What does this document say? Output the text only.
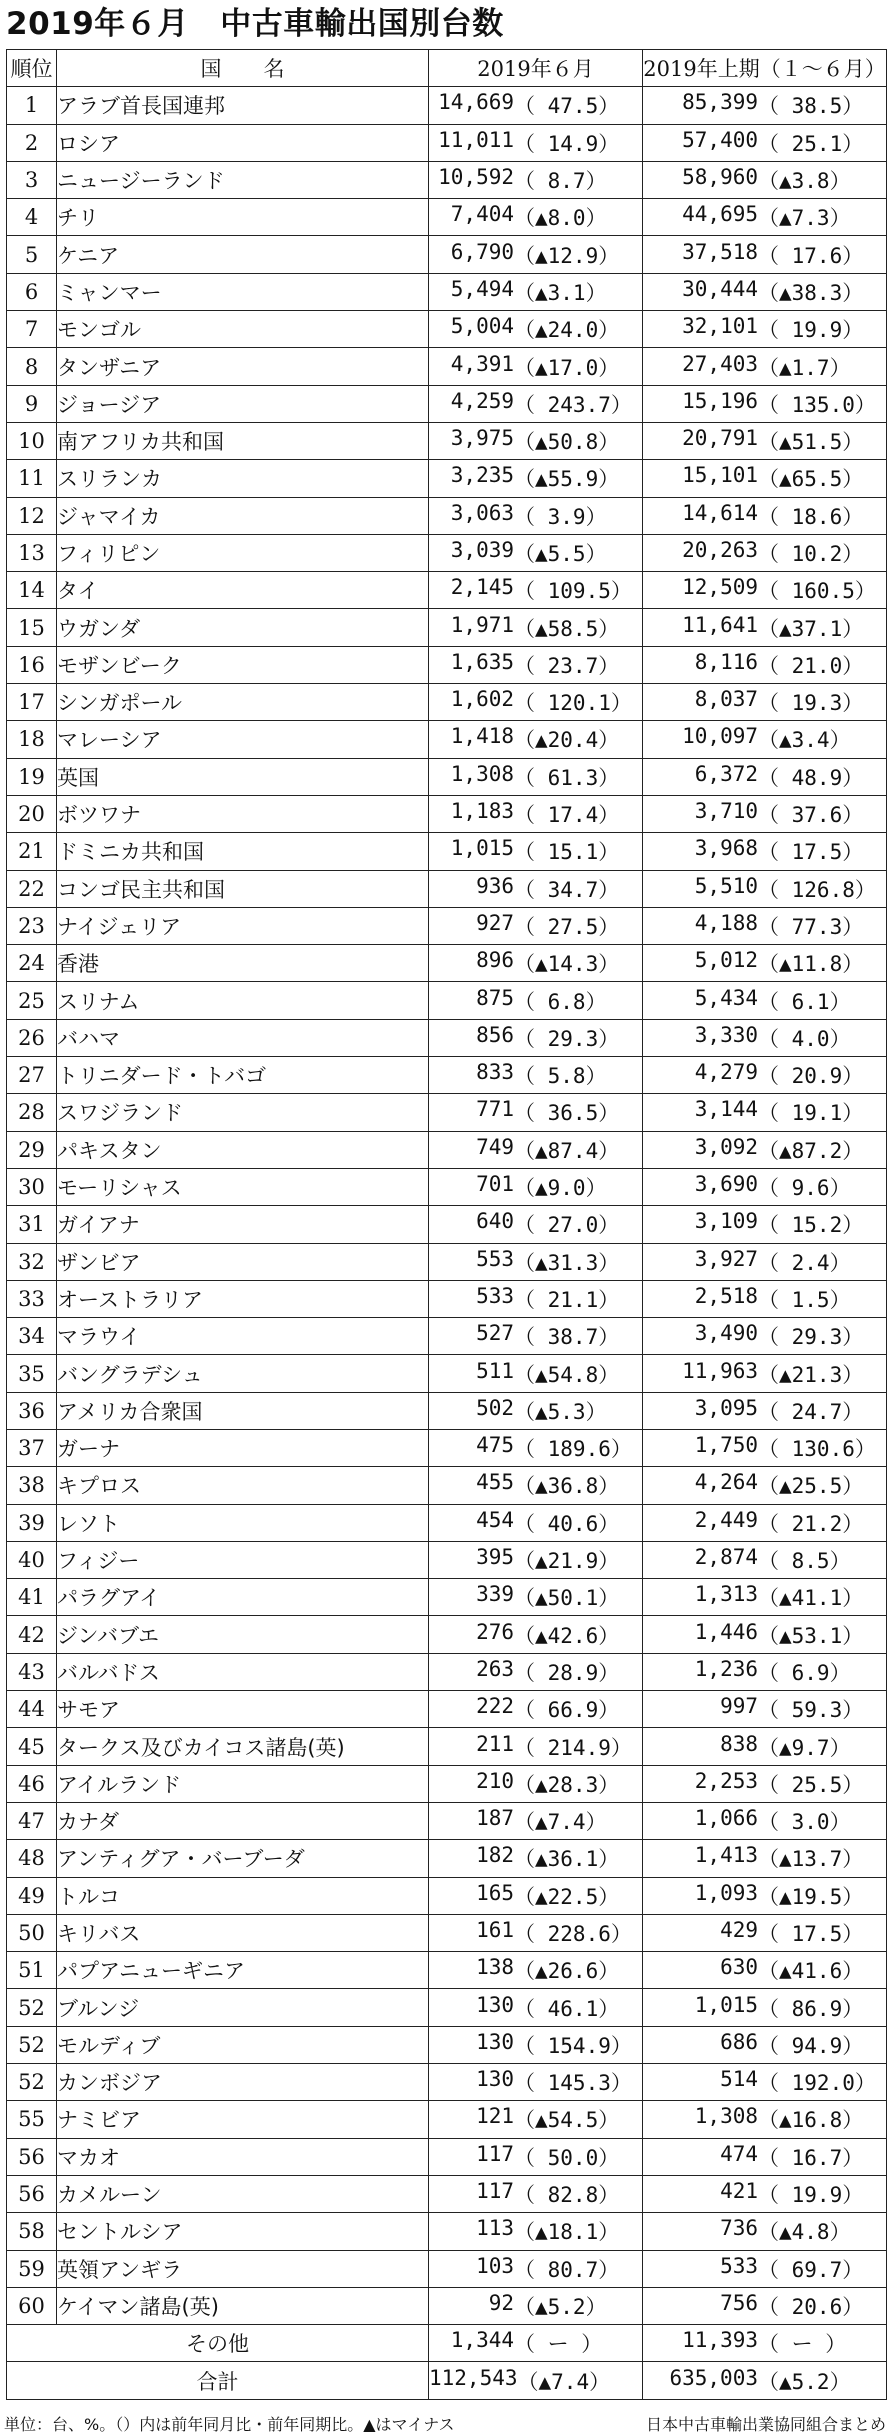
2019年６月　中古車輸出国別台数
順位	国　　名	2019年６月	2019年上期（１～６月）
1	アラブ首長国連邦	14,669 （ 47.5）	85,399 （ 38.5）

2	ロシア	11,011 （ 14.9）	57,400 （ 25.1）

3	ニュージーランド	10,592 （ 8.7）	58,960 （▲3.8）

4	チリ	7,404 （▲8.0）	44,695 （▲7.3）

5	ケニア	6,790 （▲12.9）	37,518 （ 17.6）

6	ミャンマー	5,494 （▲3.1）	30,444 （▲38.3）

7	モンゴル	5,004 （▲24.0）	32,101 （ 19.9）

8	タンザニア	4,391 （▲17.0）	27,403 （▲1.7）

9	ジョージア	4,259 （ 243.7）	15,196 （ 135.0）

10	南アフリカ共和国	3,975 （▲50.8）	20,791 （▲51.5）

11	スリランカ	3,235 （▲55.9）	15,101 （▲65.5）

12	ジャマイカ	3,063 （ 3.9）	14,614 （ 18.6）

13	フィリピン	3,039 （▲5.5）	20,263 （ 10.2）

14	タイ	2,145 （ 109.5）	12,509 （ 160.5）

15	ウガンダ	1,971 （▲58.5）	11,641 （▲37.1）

16	モザンビーク	1,635 （ 23.7）	8,116 （ 21.0）

17	シンガポール	1,602 （ 120.1）	8,037 （ 19.3）

18	マレーシア	1,418 （▲20.4）	10,097 （▲3.4）

19	英国	1,308 （ 61.3）	6,372 （ 48.9）

20	ボツワナ	1,183 （ 17.4）	3,710 （ 37.6）

21	ドミニカ共和国	1,015 （ 15.1）	3,968 （ 17.5）

22	コンゴ民主共和国	936 （ 34.7）	5,510 （ 126.8）

23	ナイジェリア	927 （ 27.5）	4,188 （ 77.3）

24	香港	896 （▲14.3）	5,012 （▲11.8）

25	スリナム	875 （ 6.8）	5,434 （ 6.1）

26	バハマ	856 （ 29.3）	3,330 （ 4.0）

27	トリニダード・トバゴ	833 （ 5.8）	4,279 （ 20.9）

28	スワジランド	771 （ 36.5）	3,144 （ 19.1）

29	パキスタン	749 （▲87.4）	3,092 （▲87.2）

30	モーリシャス	701 （▲9.0）	3,690 （ 9.6）

31	ガイアナ	640 （ 27.0）	3,109 （ 15.2）

32	ザンビア	553 （▲31.3）	3,927 （ 2.4）

33	オーストラリア	533 （ 21.1）	2,518 （ 1.5）

34	マラウイ	527 （ 38.7）	3,490 （ 29.3）

35	バングラデシュ	511 （▲54.8）	11,963 （▲21.3）

36	アメリカ合衆国	502 （▲5.3）	3,095 （ 24.7）

37	ガーナ	475 （ 189.6）	1,750 （ 130.6）

38	キプロス	455 （▲36.8）	4,264 （▲25.5）

39	レソト	454 （ 40.6）	2,449 （ 21.2）

40	フィジー	395 （▲21.9）	2,874 （ 8.5）

41	パラグアイ	339 （▲50.1）	1,313 （▲41.1）

42	ジンバブエ	276 （▲42.6）	1,446 （▲53.1）

43	バルバドス	263 （ 28.9）	1,236 （ 6.9）

44	サモア	222 （ 66.9）	997 （ 59.3）

45	タークス及びカイコス諸島(英)	211 （ 214.9）	838 （▲9.7）

46	アイルランド	210 （▲28.3）	2,253 （ 25.5）

47	カナダ	187 （▲7.4）	1,066 （ 3.0）

48	アンティグア・バーブーダ	182 （▲36.1）	1,413 （▲13.7）

49	トルコ	165 （▲22.5）	1,093 （▲19.5）

50	キリバス	161 （ 228.6）	429 （ 17.5）

51	パプアニューギニア	138 （▲26.6）	630 （▲41.6）

52	ブルンジ	130 （ 46.1）	1,015 （ 86.9）

52	モルディブ	130 （ 154.9）	686 （ 94.9）

52	カンボジア	130 （ 145.3）	514 （ 192.0）

55	ナミビア	121 （▲54.5）	1,308 （▲16.8）

56	マカオ	117 （ 50.0）	474 （ 16.7）

56	カメルーン	117 （ 82.8）	421 （ 19.9）

58	セントルシア	113 （▲18.1）	736 （▲4.8）

59	英領アンギラ	103 （ 80.7）	533 （ 69.7）

60	ケイマン諸島(英)	92 （▲5.2）	756 （ 20.6）

その他		1,344 （ ー ）	11,393 （ ー ）

合計		112,543 （▲7.4）	635,003 （▲5.2）
単位：台、%。（）内は前年同月比・前年同期比。▲はマイナス	日本中古車輸出業協同組合まとめ
